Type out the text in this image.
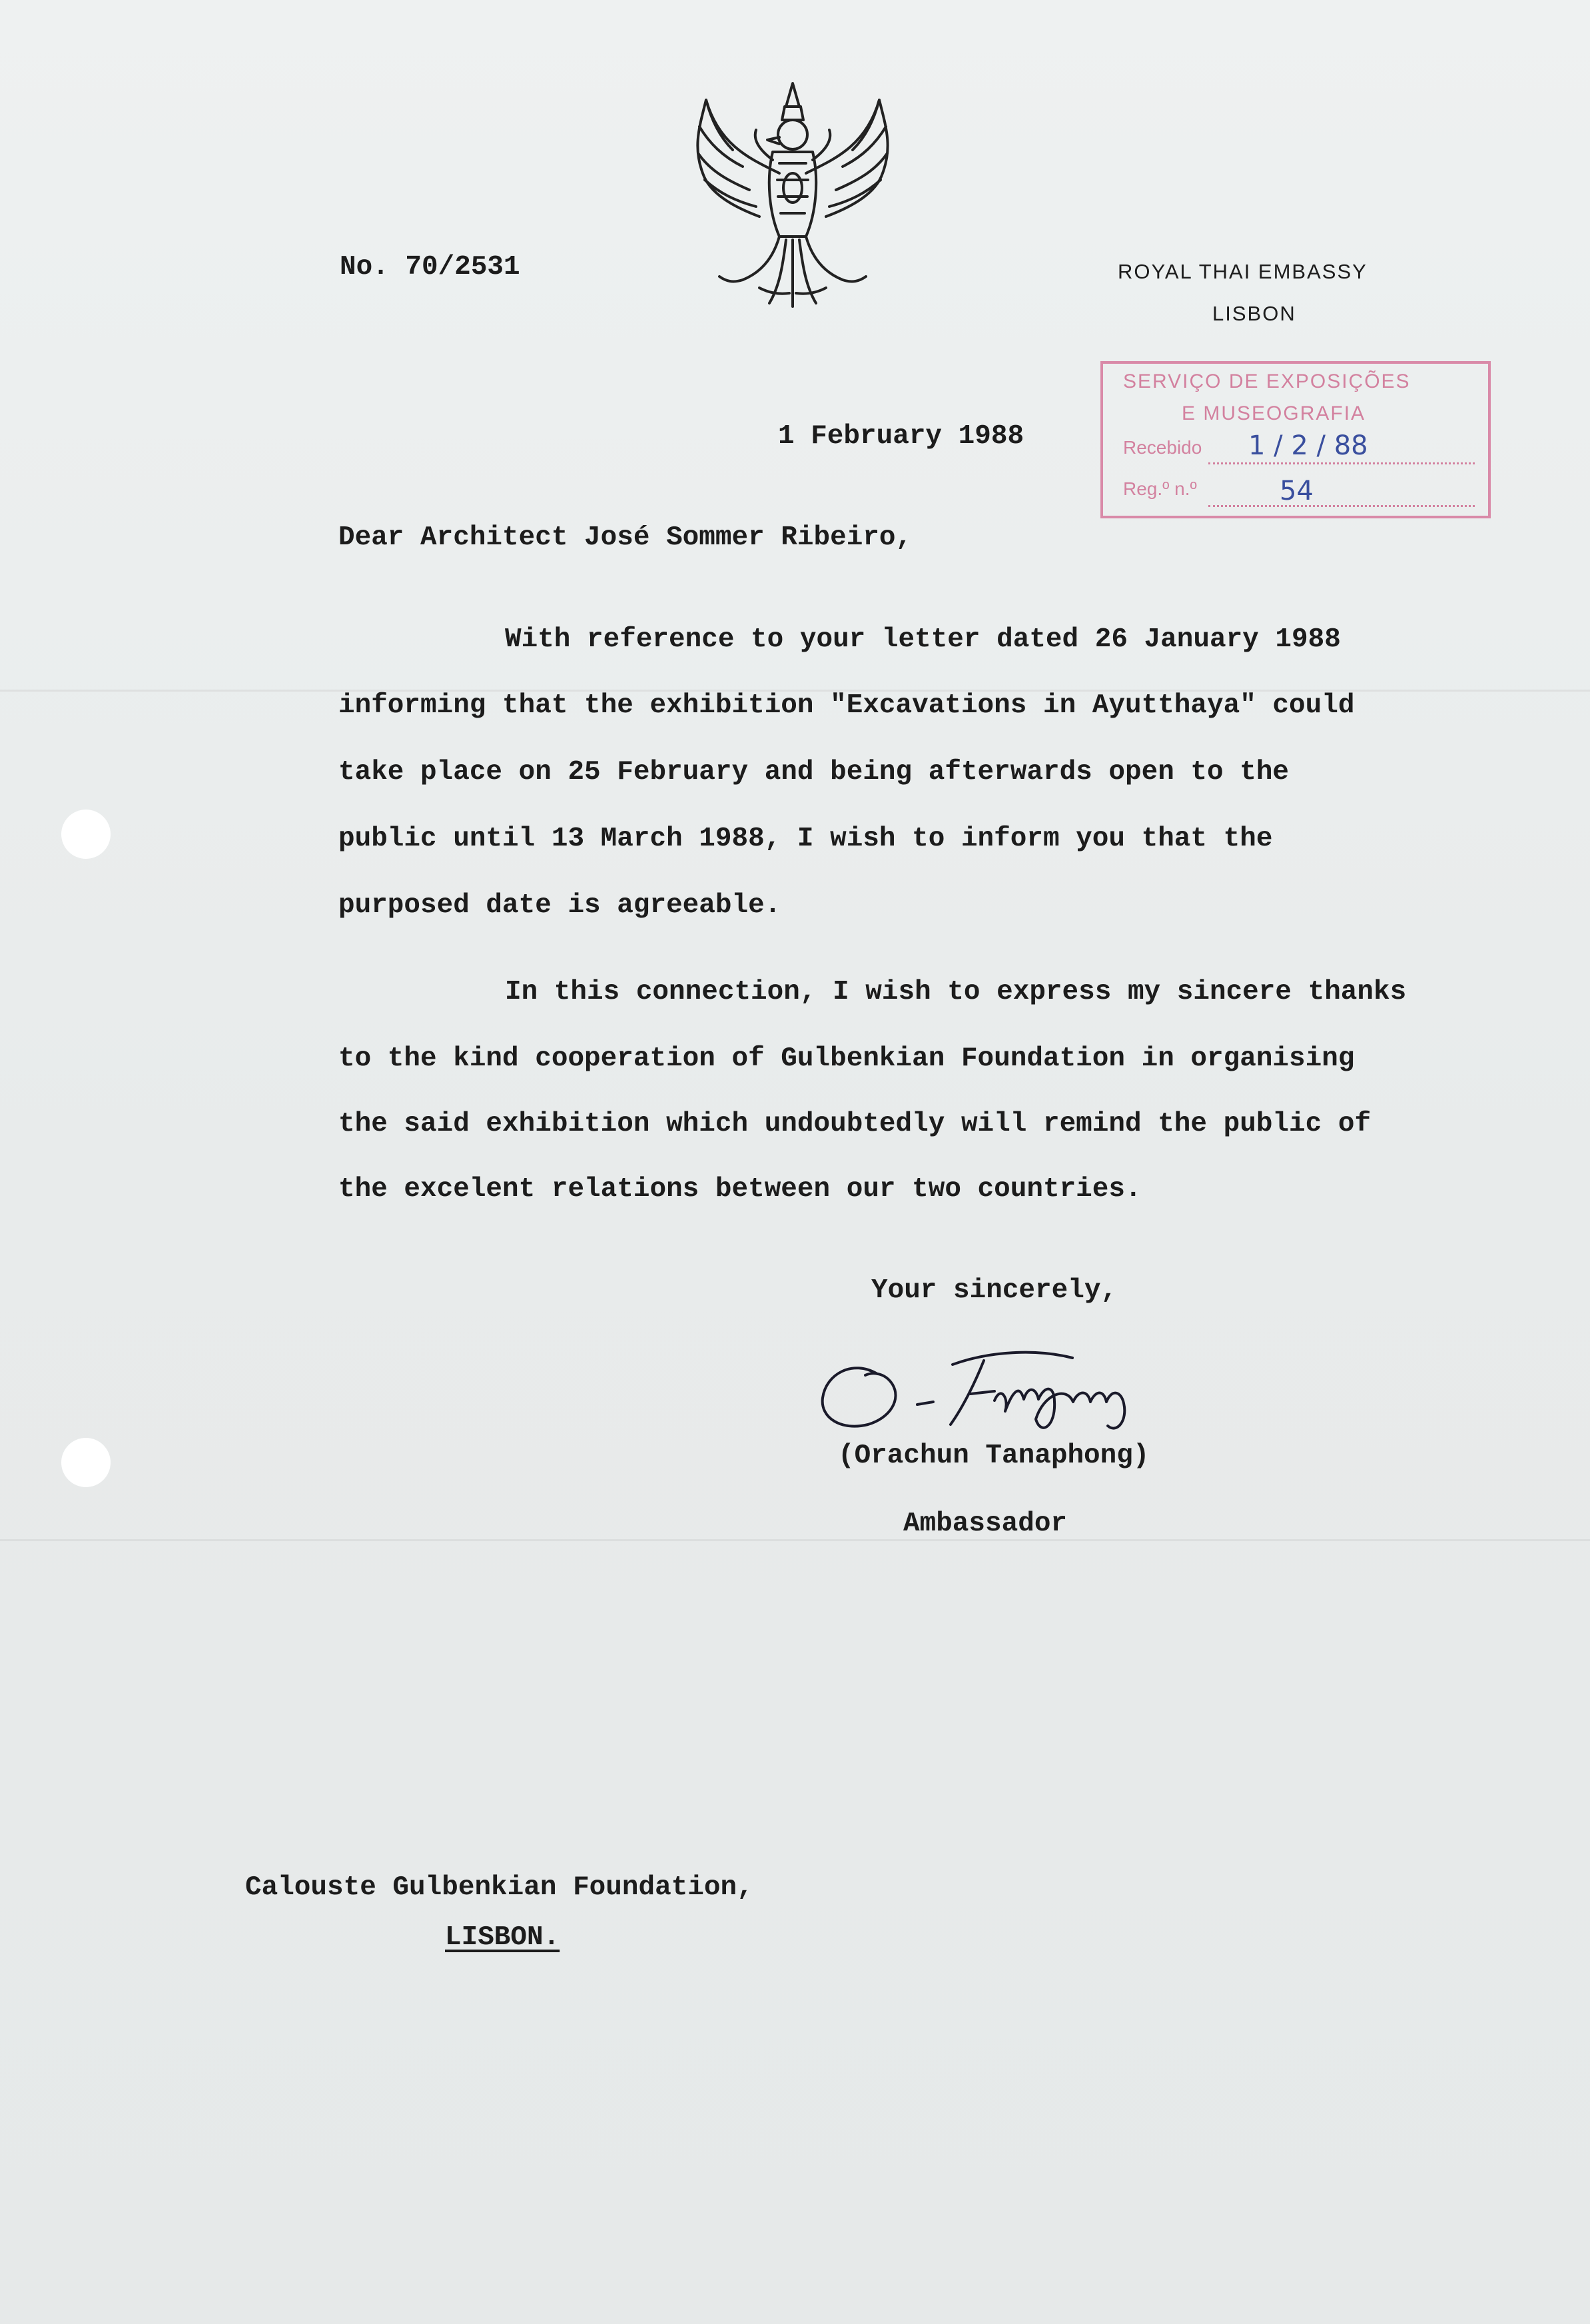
No. 70/2531	ROYAL THAI EMBASSY
LISBON
SERVIÇO DE EXPOSIÇÕES
E MUSEOGRAFIA
Recebido 1 / 2 / 88
Reg.º n.º	54
1 February 1988
Dear Architect José Sommer Ribeiro,
With reference to your letter dated 26 January 1988
informing that the exhibition "Excavations in Ayutthaya" could
take place on 25 February and being afterwards open to the
public until 13 March 1988, I wish to inform you that the
purposed date is agreeable.
In this connection, I wish to express my sincere thanks
to the kind cooperation of Gulbenkian Foundation in organising
the said exhibition which undoubtedly will remind the public of
the excelent relations between our two countries.
Your sincerely,
(Orachun Tanaphong)
Ambassador
Calouste Gulbenkian Foundation,
LISBON.
